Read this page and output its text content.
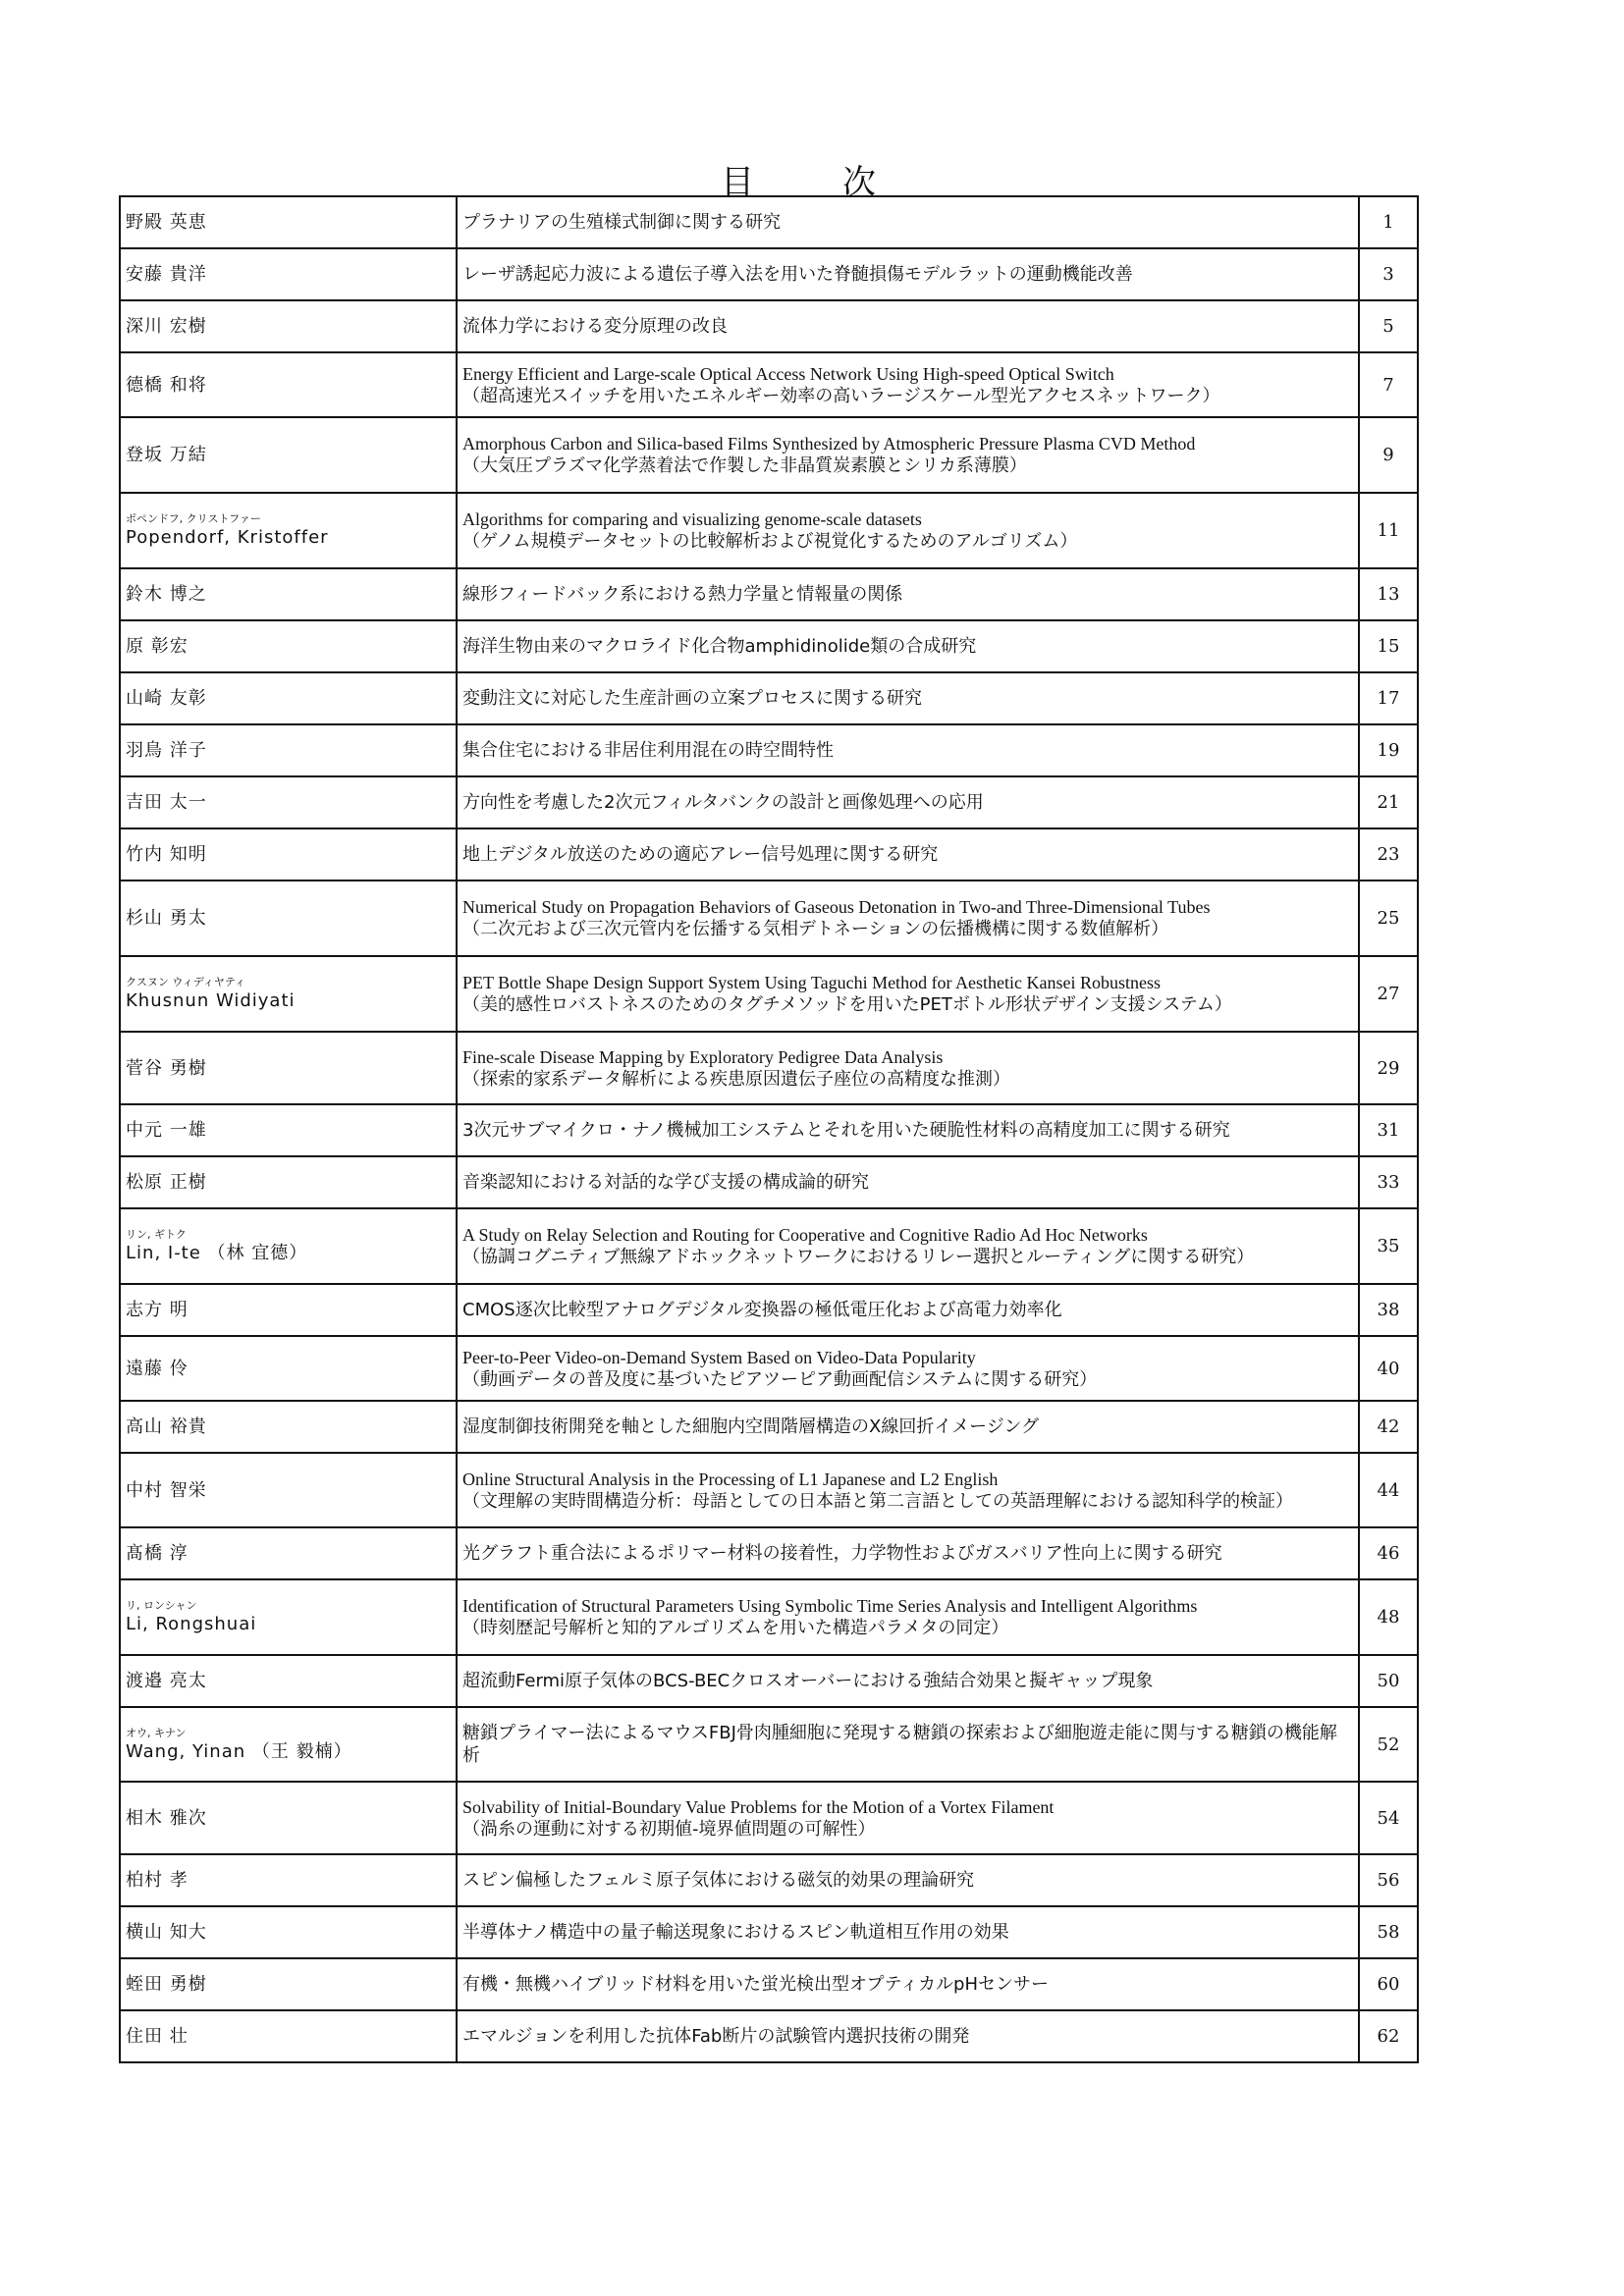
目　次
野殿 英恵	プラナリアの生殖様式制御に関する研究	1
安藤 貴洋	レーザ誘起応力波による遺伝子導入法を用いた脊髄損傷モデルラットの運動機能改善	3
深川 宏樹	流体力学における変分原理の改良	5
德橋 和将	Energy Efficient and Large-scale Optical Access Network Using High-speed Optical Switch
（超高速光スイッチを用いたエネルギー効率の高いラージスケール型光アクセスネットワーク）	7
登坂 万結	Amorphous Carbon and Silica-based Films Synthesized by Atmospheric Pressure Plasma CVD Method
（大気圧プラズマ化学蒸着法で作製した非晶質炭素膜とシリカ系薄膜）	9

ポペンドフ, クリストファー
Popendorf, Kristoffer	Algorithms for comparing and visualizing genome-scale datasets
（ゲノム規模データセットの比較解析および視覚化するためのアルゴリズム）	11
鈴木 博之	線形フィードバック系における熱力学量と情報量の関係	13
原 彰宏	海洋生物由来のマクロライド化合物amphidinolide類の合成研究	15
山崎 友彰	変動注文に対応した生産計画の立案プロセスに関する研究	17
羽鳥 洋子	集合住宅における非居住利用混在の時空間特性	19
吉田 太一	方向性を考慮した2次元フィルタバンクの設計と画像処理への応用	21
竹内 知明	地上デジタル放送のための適応アレー信号処理に関する研究	23
杉山 勇太	Numerical Study on Propagation Behaviors of Gaseous Detonation in Two-and Three-Dimensional Tubes
（二次元および三次元管内を伝播する気相デトネーションの伝播機構に関する数値解析）	25

クスヌン ウィディヤティ
Khusnun Widiyati	PET Bottle Shape Design Support System Using Taguchi Method for Aesthetic Kansei Robustness
（美的感性ロバストネスのためのタグチメソッドを用いたPETボトル形状デザイン支援システム）	27
菅谷 勇樹	Fine-scale Disease Mapping by Exploratory Pedigree Data Analysis
（探索的家系データ解析による疾患原因遺伝子座位の高精度な推測）	29
中元 一雄	3次元サブマイクロ・ナノ機械加工システムとそれを用いた硬脆性材料の高精度加工に関する研究	31
松原 正樹	音楽認知における対話的な学び支援の構成論的研究	33

リン, ギトク
Lin, I-te （林 宜德）	A Study on Relay Selection and Routing for Cooperative and Cognitive Radio Ad Hoc Networks
（協調コグニティブ無線アドホックネットワークにおけるリレー選択とルーティングに関する研究）	35
志方 明	CMOS逐次比較型アナログデジタル変換器の極低電圧化および高電力効率化	38
遠藤 伶	Peer-to-Peer Video-on-Demand System Based on Video-Data Popularity
（動画データの普及度に基づいたピアツーピア動画配信システムに関する研究）	40
高山 裕貴	湿度制御技術開発を軸とした細胞内空間階層構造のX線回折イメージング	42
中村 智栄	Online Structural Analysis in the Processing of L1 Japanese and L2 English
（文理解の実時間構造分析：母語としての日本語と第二言語としての英語理解における認知科学的検証）	44
髙橋 淳	光グラフト重合法によるポリマー材料の接着性，力学物性およびガスバリア性向上に関する研究	46

リ, ロンシャン
Li, Rongshuai	Identification of Structural Parameters Using Symbolic Time Series Analysis and Intelligent Algorithms
（時刻歴記号解析と知的アルゴリズムを用いた構造パラメタの同定）	48
渡邉 亮太	超流動Fermi原子気体のBCS-BECクロスオーバーにおける強結合効果と擬ギャップ現象	50

オウ, キナン
Wang, Yinan （王 毅楠）	糖鎖プライマー法によるマウスFBJ骨肉腫細胞に発現する糖鎖の探索および細胞遊走能に関与する糖鎖の機能解析	52
相木 雅次	Solvability of Initial-Boundary Value Problems for the Motion of a Vortex Filament
（渦糸の運動に対する初期値-境界値問題の可解性）	54
柏村 孝	スピン偏極したフェルミ原子気体における磁気的効果の理論研究	56
横山 知大	半導体ナノ構造中の量子輸送現象におけるスピン軌道相互作用の効果	58
蛭田 勇樹	有機・無機ハイブリッド材料を用いた蛍光検出型オプティカルpHセンサー	60
住田 壮	エマルジョンを利用した抗体Fab断片の試験管内選択技術の開発	62
